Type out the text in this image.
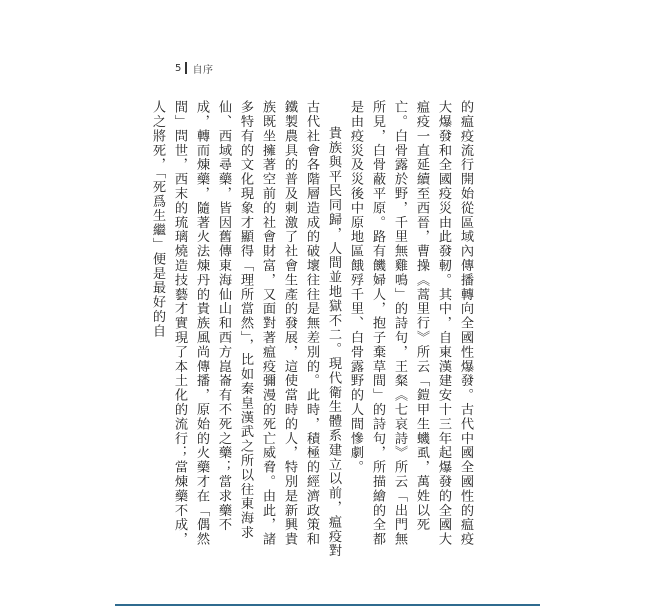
5 自序

的瘟疫流行開始從區域內傳播轉向全國性爆發。古代中國全國性的瘟疫大爆發和全國疫災由此發軔。其中，自東漢建安十三年起爆發的全國大瘟疫一直延續至西晉，曹操《蒿里行》所云「鎧甲生蟣虱，萬姓以死亡。白骨露於野，千里無雞鳴」的詩句，王粲《七哀詩》所云「出門無所見，白骨蔽平原。路有饑婦人，抱子棄草間」的詩句，所描繪的全都是由疫災及災後中原地區餓殍千里、白骨露野的人間慘劇。

貴族與平民同歸，人間並地獄不二。現代衛生體系建立以前，瘟疫對古代社會各階層造成的破壞往往是無差別的。此時，積極的經濟政策和鐵製農具的普及刺激了社會生產的發展，這使當時的人，特別是新興貴族既坐擁著空前的社會財富，又面對著瘟疫彌漫的死亡威脅。由此，諸多特有的文化現象才顯得「理所當然」，比如秦皇漢武之所以往東海求仙、西域尋藥，皆因舊傳東海仙山和西方崑崙有不死之藥；當求藥不成，轉而煉藥，隨著火法煉丹的貴族風尚傳播，原始的火藥才在「偶然間」問世，西末的琉璃燒造技藝才實現了本土化的流行；當煉藥不成，人之將死，「死爲生繼」便是最好的自
